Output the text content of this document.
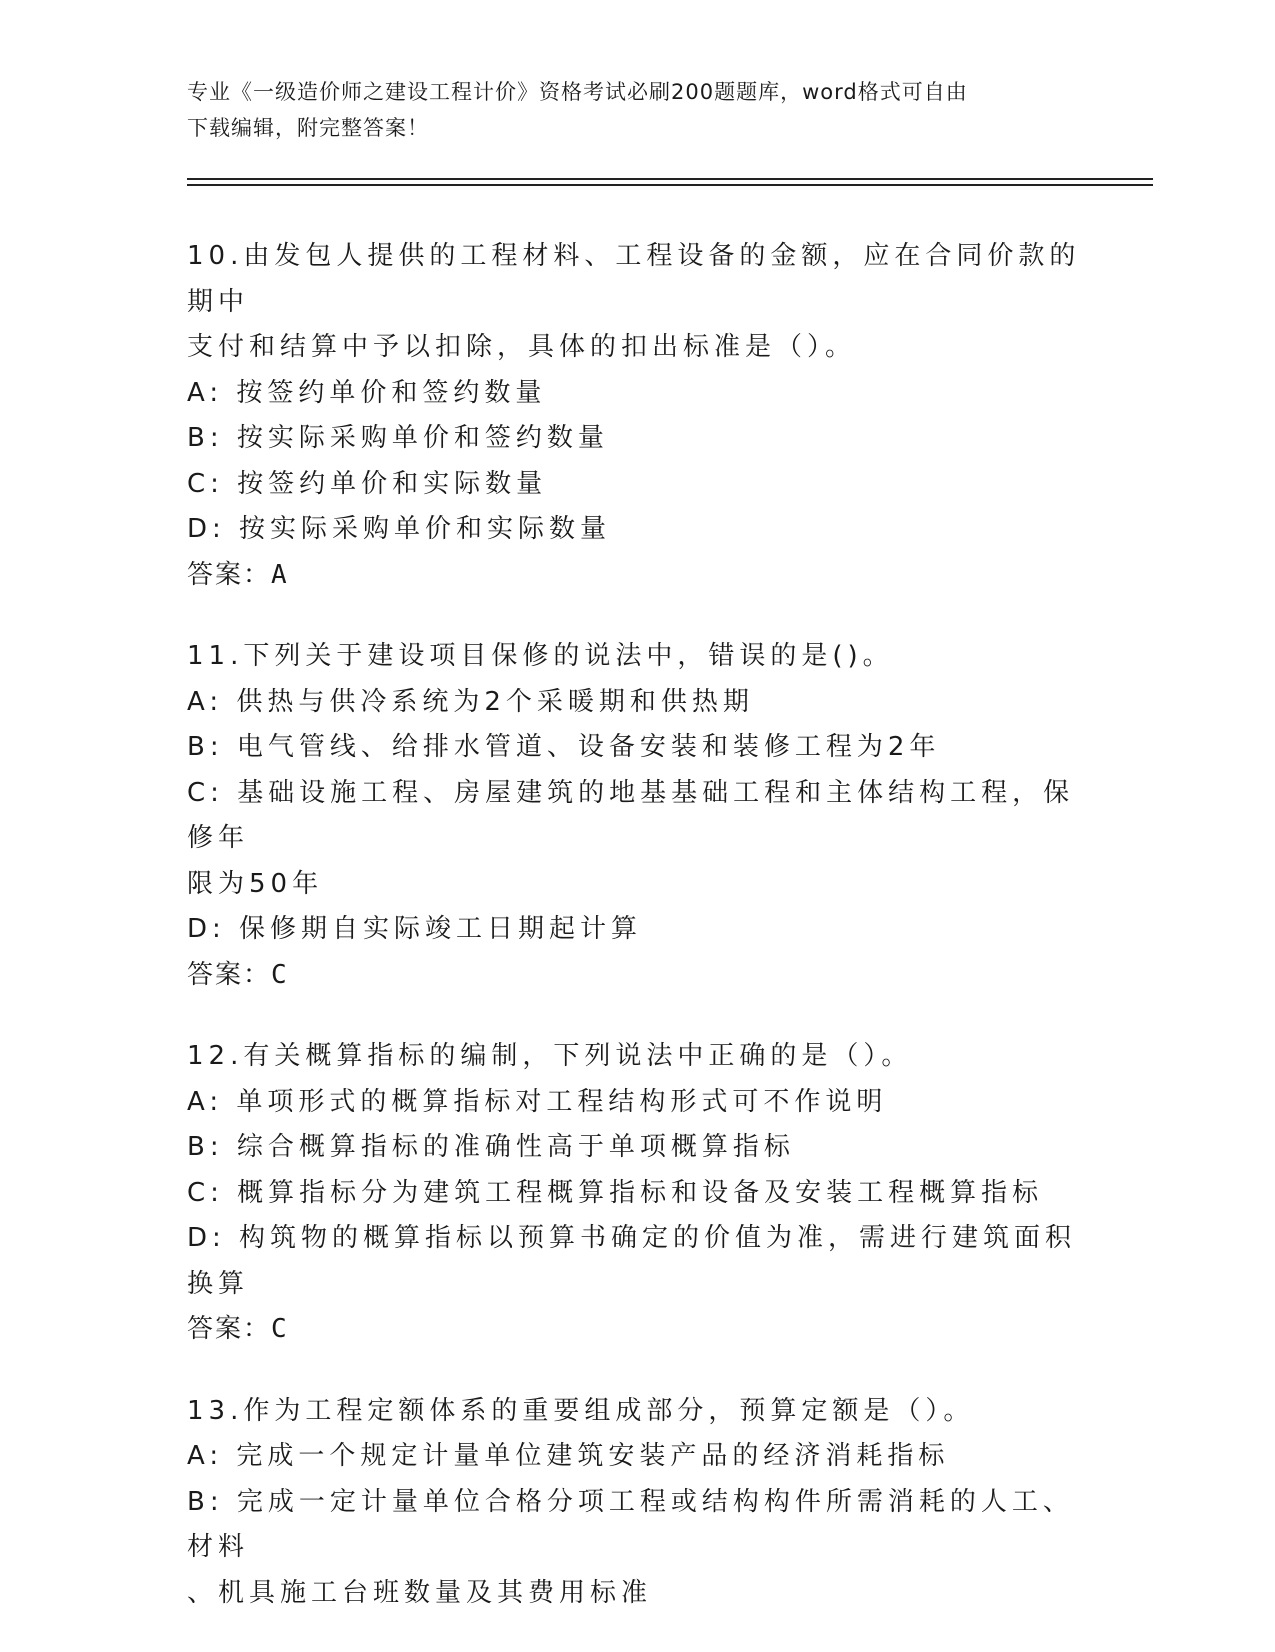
专业《一级造价师之建设工程计价》资格考试必刷200题题库，word格式可自由
下载编辑，附完整答案！
10.由发包人提供的工程材料、工程设备的金额，应在合同价款的期中
支付和结算中予以扣除，具体的扣出标准是（）。
A: 按签约单价和签约数量
B: 按实际采购单价和签约数量
C: 按签约单价和实际数量
D: 按实际采购单价和实际数量
答案：A
11.下列关于建设项目保修的说法中，错误的是()。
A: 供热与供冷系统为2个采暖期和供热期
B: 电气管线、给排水管道、设备安装和装修工程为2年
C: 基础设施工程、房屋建筑的地基基础工程和主体结构工程，保修年
限为50年
D: 保修期自实际竣工日期起计算
答案：C
12.有关概算指标的编制，下列说法中正确的是（）。
A: 单项形式的概算指标对工程结构形式可不作说明
B: 综合概算指标的准确性高于单项概算指标
C: 概算指标分为建筑工程概算指标和设备及安装工程概算指标
D: 构筑物的概算指标以预算书确定的价值为准，需进行建筑面积换算
答案：C
13.作为工程定额体系的重要组成部分，预算定额是（）。
A: 完成一个规定计量单位建筑安装产品的经济消耗指标
B: 完成一定计量单位合格分项工程或结构构件所需消耗的人工、材料
、机具施工台班数量及其费用标准
